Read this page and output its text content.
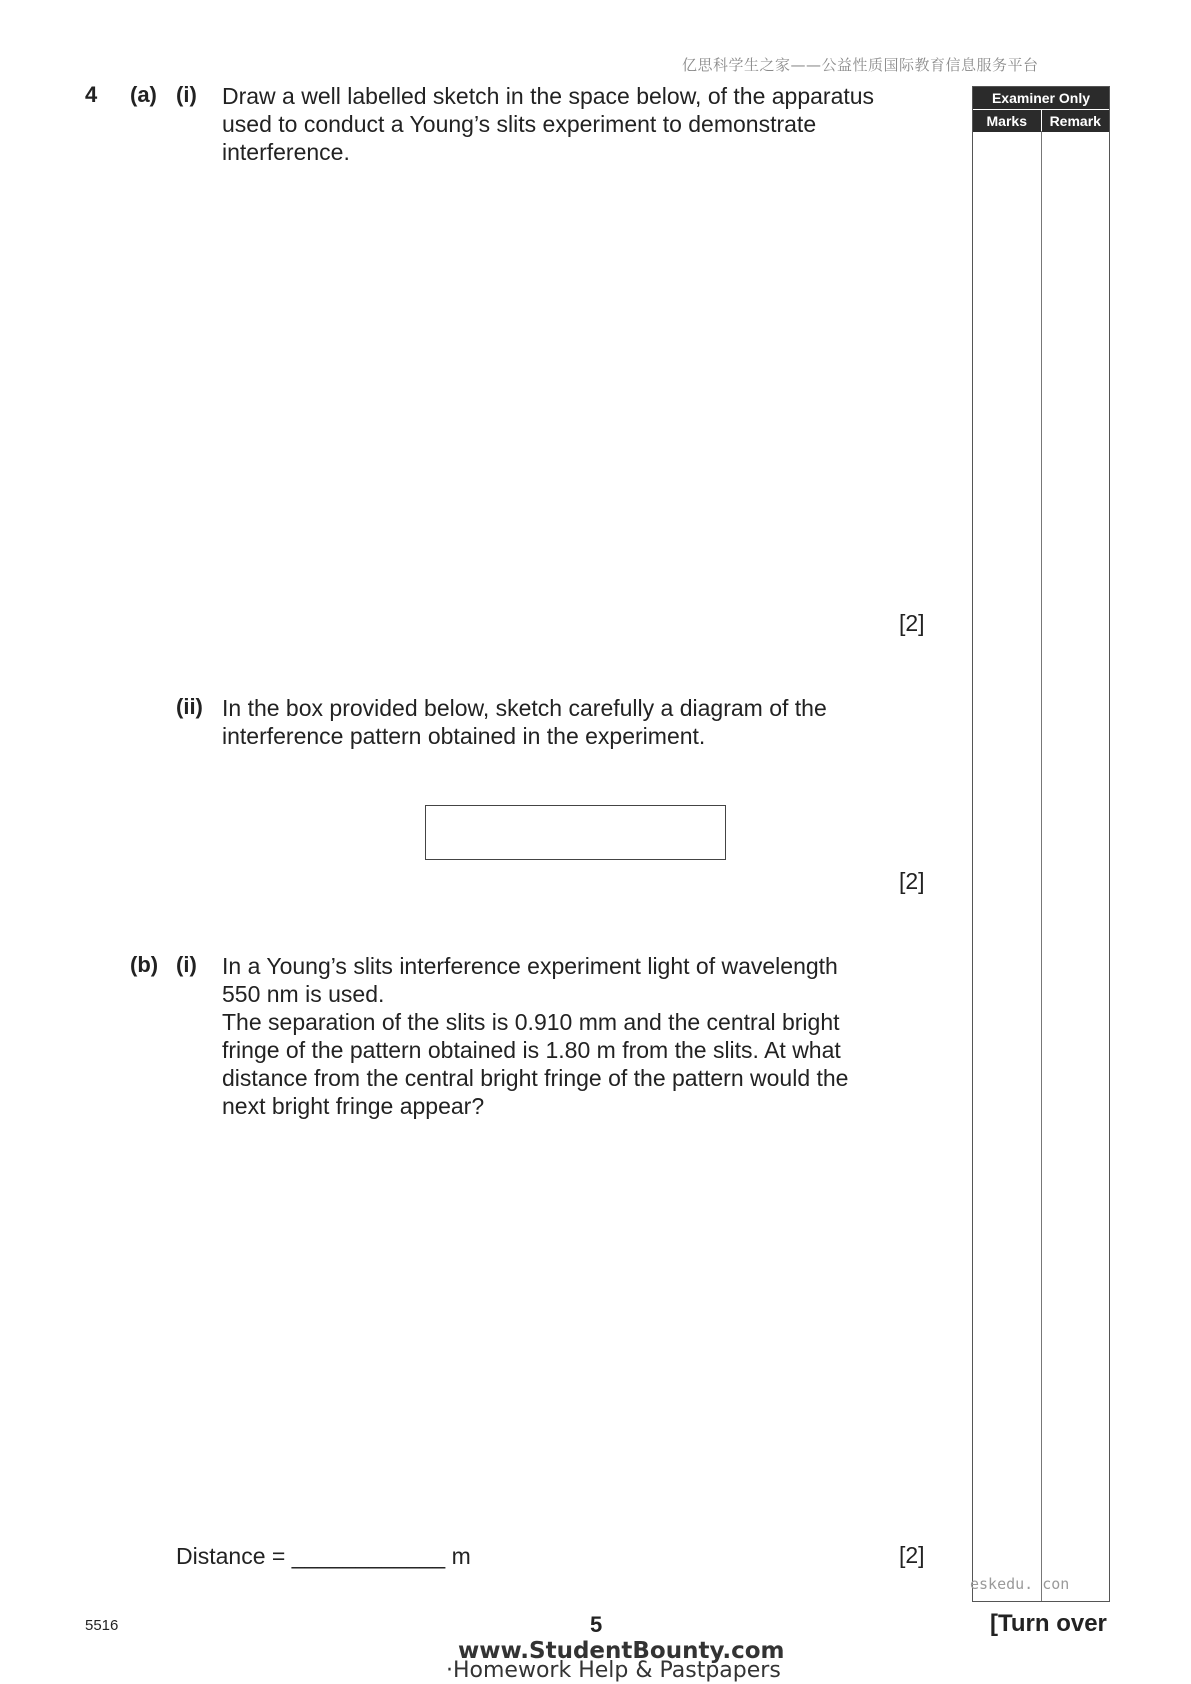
亿思科学生之家——公益性质国际教育信息服务平台
4 (a) (i) Draw a well labelled sketch in the space below, of the apparatus
used to conduct a Young’s slits experiment to demonstrate
interference.
[2]
(ii) In the box provided below, sketch carefully a diagram of the
interference pattern obtained in the experiment.
[2]
(b) (i) In a Young’s slits interference experiment light of wavelength
550 nm is used.
The separation of the slits is 0.910 mm and the central bright
fringe of the pattern obtained is 1.80 m from the slits. At what
distance from the central bright fringe of the pattern would the
next bright fringe appear?
Distance = ____________ m	[2]
Examiner Only
Marks	Remark
eskedu. con
5516	5	[Turn over
www.StudentBounty.com
·Homework Help & Pastpapers
